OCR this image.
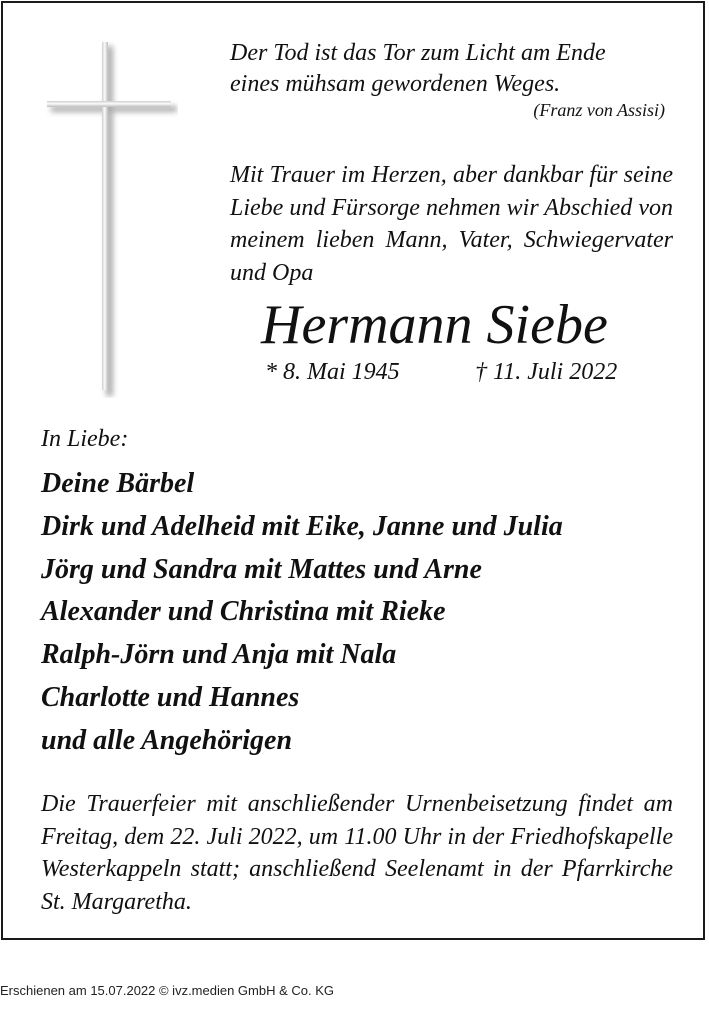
Der Tod ist das Tor zum Licht am Ende
eines mühsam gewordenen Weges.
(Franz von Assisi)
Mit Trauer im Herzen, aber dankbar für seine Liebe und Fürsorge nehmen wir Abschied von meinem lieben Mann, Vater, Schwiegervater und Opa
Hermann Siebe
* 8. Mai 1945	† 11. Juli 2022
In Liebe:
Deine Bärbel
Dirk und Adelheid mit Eike, Janne und Julia
Jörg und Sandra mit Mattes und Arne
Alexander und Christina mit Rieke
Ralph-Jörn und Anja mit Nala
Charlotte und Hannes
und alle Angehörigen
Die Trauerfeier mit anschließender Urnenbeisetzung findet am Freitag, dem 22. Juli 2022, um 11.00 Uhr in der Friedhofskapelle Westerkappeln statt; anschließend Seelenamt in der Pfarrkirche St. Margaretha.
Erschienen am 15.07.2022 © ivz.medien GmbH & Co. KG
